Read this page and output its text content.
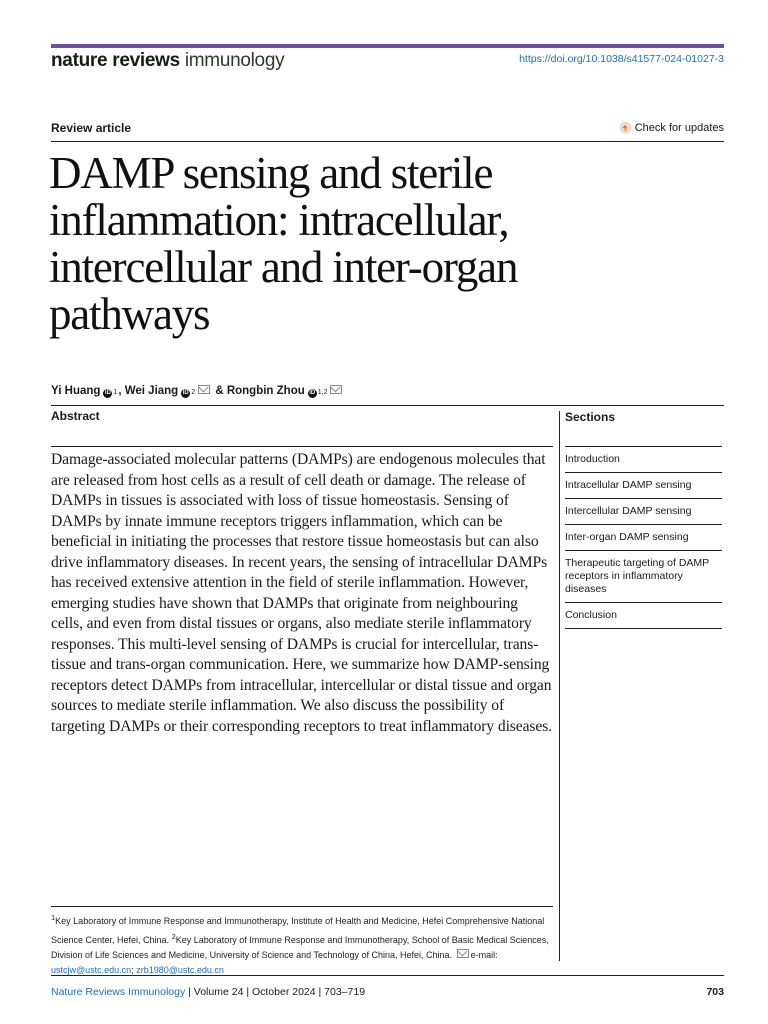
nature reviews immunology	https://doi.org/10.1038/s41577-024-01027-3
Review article	Check for updates
DAMP sensing and sterile inflammation: intracellular, intercellular and inter-organ pathways
Yi Huang iD 1 ,
Wei Jiang iD 2
&
Rongbin Zhou iD 1,2
Abstract

Damage-associated molecular patterns (DAMPs) are endogenous molecules that are released from host cells as a result of cell death or damage. The release of DAMPs in tissues is associated with loss of tissue homeostasis. Sensing of DAMPs by innate immune receptors triggers inflammation, which can be beneficial in initiating the processes that restore tissue homeostasis but can also drive inflammatory diseases. In recent years, the sensing of intracellular DAMPs has received extensive attention in the field of sterile inflammation. However, emerging studies have shown that DAMPs that originate from neighbouring cells, and even from distal tissues or organs, also mediate sterile inflammatory responses. This multi-level sensing of DAMPs is crucial for intercellular, trans-tissue and trans-organ communication. Here, we summarize how DAMP-sensing receptors detect DAMPs from intracellular, intercellular or distal tissue and organ sources to mediate sterile inflammation. We also discuss the possibility of targeting DAMPs or their corresponding receptors to treat inflammatory diseases.

Sections
Introduction
Intracellular DAMP sensing
Intercellular DAMP sensing
Inter-organ DAMP sensing
Therapeutic targeting of DAMP receptors in inflammatory diseases
Conclusion

$^1$Key Laboratory of Immune Response and Immunotherapy, Institute of Health and Medicine, Hefei Comprehensive National Science Center, Hefei, China. $^2$Key Laboratory of Immune Response and Immunotherapy, School of Basic Medical Sciences, Division of Life Sciences and Medicine, University of Science and Technology of China, Hefei, China. e-mail: ustcjw@ustc.edu.cn; zrb1980@ustc.edu.cn

Nature Reviews Immunology | Volume 24 | October 2024 | 703–719	703
